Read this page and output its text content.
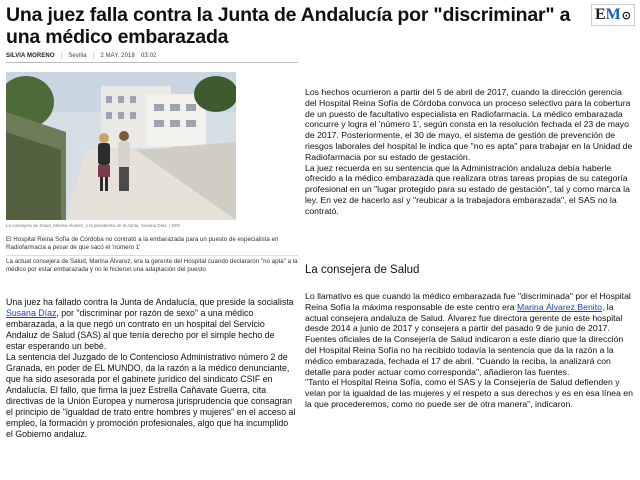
Una juez falla contra la Junta de Andalucía por "discriminar" a una médico embarazada
E M ⊙
SILVIA MORENO | Sevilla | 2 MAY. 2018 03:02
La consejera de Salud, Marina Álvarez, y la presidenta de la Junta, Susana Díaz. | EFE
El Hospital Reina Sofía de Córdoba no contrató a la embarazada para un puesto de especialista en Radiofarmacia a pesar de que sacó el 'número 1'
La actual consejera de Salud, Marina Álvarez, era la gerente del Hospital cuando declararon "no apta" a la médico por estar embarazada y no le hicieron una adaptación del puesto

Una juez ha fallado contra la Junta de Andalucía, que preside la socialista Susana Díaz, por "discriminar por razón de sexo" a una médico embarazada, a la que negó un contrato en un hospital del Servicio Andaluz de Salud (SAS) al que tenía derecho por el simple hecho de estar esperando un bebé.

La sentencia del Juzgado de lo Contencioso Administrativo número 2 de Granada, en poder de EL MUNDO, da la razón a la médico denunciante, que ha sido asesorada por el gabinete jurídico del sindicato CSIF en Andalucía. El fallo, que firma la juez Estrella Cañavate Guerra, cita directivas de la Unión Europea y numerosa jurisprudencia que consagran el principio de "igualdad de trato entre hombres y mujeres" en el acceso al empleo, la formación y promoción profesionales, algo que ha incumplido el Gobierno andaluz.

Los hechos ocurrieron a partir del 5 de abril de 2017, cuando la dirección gerencia del Hospital Reina Sofía de Córdoba convoca un proceso selectivo para la cobertura de un puesto de facultativo especialista en Radiofarmacia. La médico embarazada concurre y logra el 'número 1', según consta en la resolución fechada el 23 de mayo de 2017. Posteriormente, el 30 de mayo, el sistema de gestión de prevención de riesgos laborales del hospital le indica que "no es apta" para trabajar en la Unidad de Radiofarmacia por su estado de gestación.

La juez recuerda en su sentencia que la Administración andaluza debía haberle ofrecido a la médico embarazada que realizara otras tareas propias de su categoría profesional en un "lugar protegido para su estado de gestación", tal y como marca la ley. En vez de hacerlo así y "reubicar a la trabajadora embarazada", el SAS no la contrató.

La consejera de Salud

Lo llamativo es que cuando la médico embarazada fue "discriminada" por el Hospital Reina Sofía la máxima responsable de este centro era Marina Álvarez Benito, la actual consejera andaluza de Salud. Álvarez fue directora gerente de este hospital desde 2014 a junio de 2017 y consejera a partir del pasado 9 de junio de 2017.

Fuentes oficiales de la Consejería de Salud indicaron a este diario que la dirección del Hospital Reina Sofía no ha recibido todavía la sentencia que da la razón a la médico embarazada, fechada el 17 de abril. "Cuando la reciba, la analizará con detalle para poder actuar como corresponda", añadieron las fuentes.

"Tanto el Hospital Reina Sofía, como el SAS y la Consejería de Salud defienden y velan por la igualdad de las mujeres y el respeto a sus derechos y es en esa línea en la que procederemos, como no puede ser de otra manera", indicaron.
